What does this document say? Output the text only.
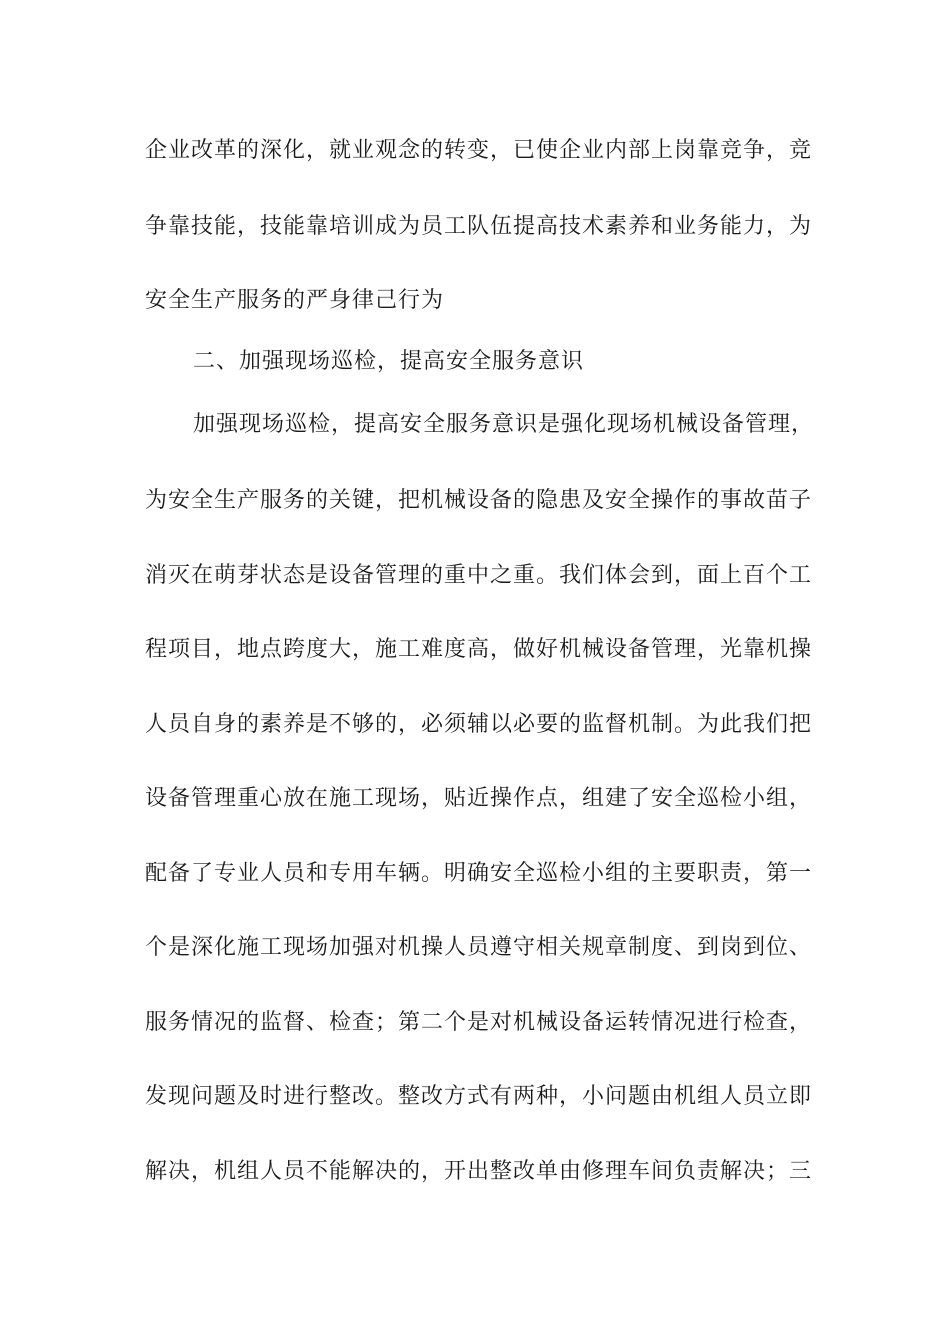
企业改革的深化，就业观念的转变，已使企业内部上岗靠竞争，竞
争靠技能，技能靠培训成为员工队伍提高技术素养和业务能力，为
安全生产服务的严身律己行为
二、加强现场巡检，提高安全服务意识
加强现场巡检，提高安全服务意识是强化现场机械设备管理，
为安全生产服务的关键，把机械设备的隐患及安全操作的事故苗子
消灭在萌芽状态是设备管理的重中之重。我们体会到，面上百个工
程项目，地点跨度大，施工难度高，做好机械设备管理，光靠机操
人员自身的素养是不够的，必须辅以必要的监督机制。为此我们把
设备管理重心放在施工现场，贴近操作点，组建了安全巡检小组，
配备了专业人员和专用车辆。明确安全巡检小组的主要职责，第一
个是深化施工现场加强对机操人员遵守相关规章制度、到岗到位、
服务情况的监督、检查；第二个是对机械设备运转情况进行检查，
发现问题及时进行整改。整改方式有两种，小问题由机组人员立即
解决，机组人员不能解决的，开出整改单由修理车间负责解决；三
